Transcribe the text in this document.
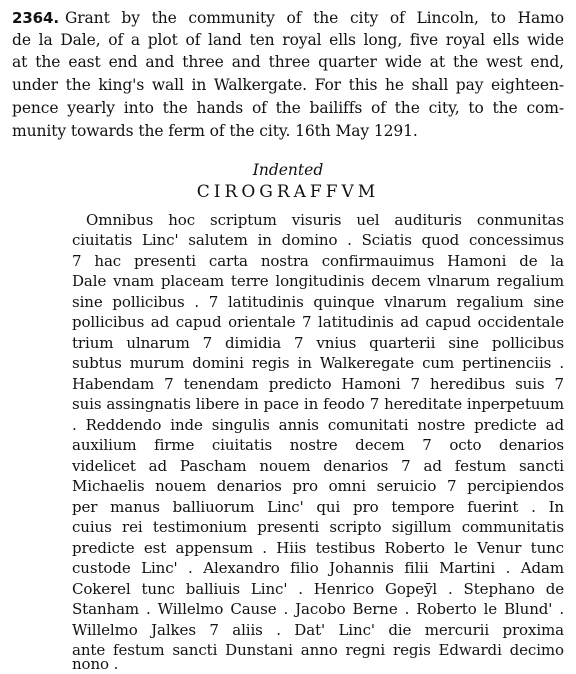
2364. Grant by the community of the city of Lincoln, to Hamo
de la Dale, of a plot of land ten royal ells long, five royal ells wide
at the east end and three and three quarter wide at the west end,
under the king's wall in Walkergate. For this he shall pay eighteen-
pence yearly into the hands of the bailiffs of the city, to the com-
munity towards the ferm of the city. 16th May 1291.
Indented
CIROGRAFFVM
Omnibus hoc scriptum visuris uel audituris conmunitas
ciuitatis Linc' salutem in domino . Sciatis quod concessimus
7 hac presenti carta nostra confirmauimus Hamoni de la
Dale vnam placeam terre longitudinis decem vlnarum regalium
sine pollicibus . 7 latitudinis quinque vlnarum regalium sine
pollicibus ad capud orientale 7 latitudinis ad capud occidentale
trium ulnarum 7 dimidia 7 vnius quarterii sine pollicibus
subtus murum domini regis in Walkeregate cum pertinenciis .
Habendam 7 tenendam predicto Hamoni 7 heredibus suis 7
suis assingnatis libere in pace in feodo 7 hereditate inperpetuum
. Reddendo inde singulis annis comunitati nostre predicte ad
auxilium firme ciuitatis nostre decem 7 octo denarios
videlicet ad Pascham nouem denarios 7 ad festum sancti
Michaelis nouem denarios pro omni seruicio 7 percipiendos
per manus balliuorum Linc' qui pro tempore fuerint . In
cuius rei testimonium presenti scripto sigillum communitatis
predicte est appensum . Hiis testibus Roberto le Venur tunc
custode Linc' . Alexandro filio Johannis filii Martini . Adam
Cokerel tunc balliuis Linc' . Henrico Gopeȳl . Stephano de
Stanham . Willelmo Cause . Jacobo Berne . Roberto le Blund' .
Willelmo Jalkes 7 aliis . Dat' Linc' die mercurii proxima
ante festum sancti Dunstani anno regni regis Edwardi decimo
nono .
